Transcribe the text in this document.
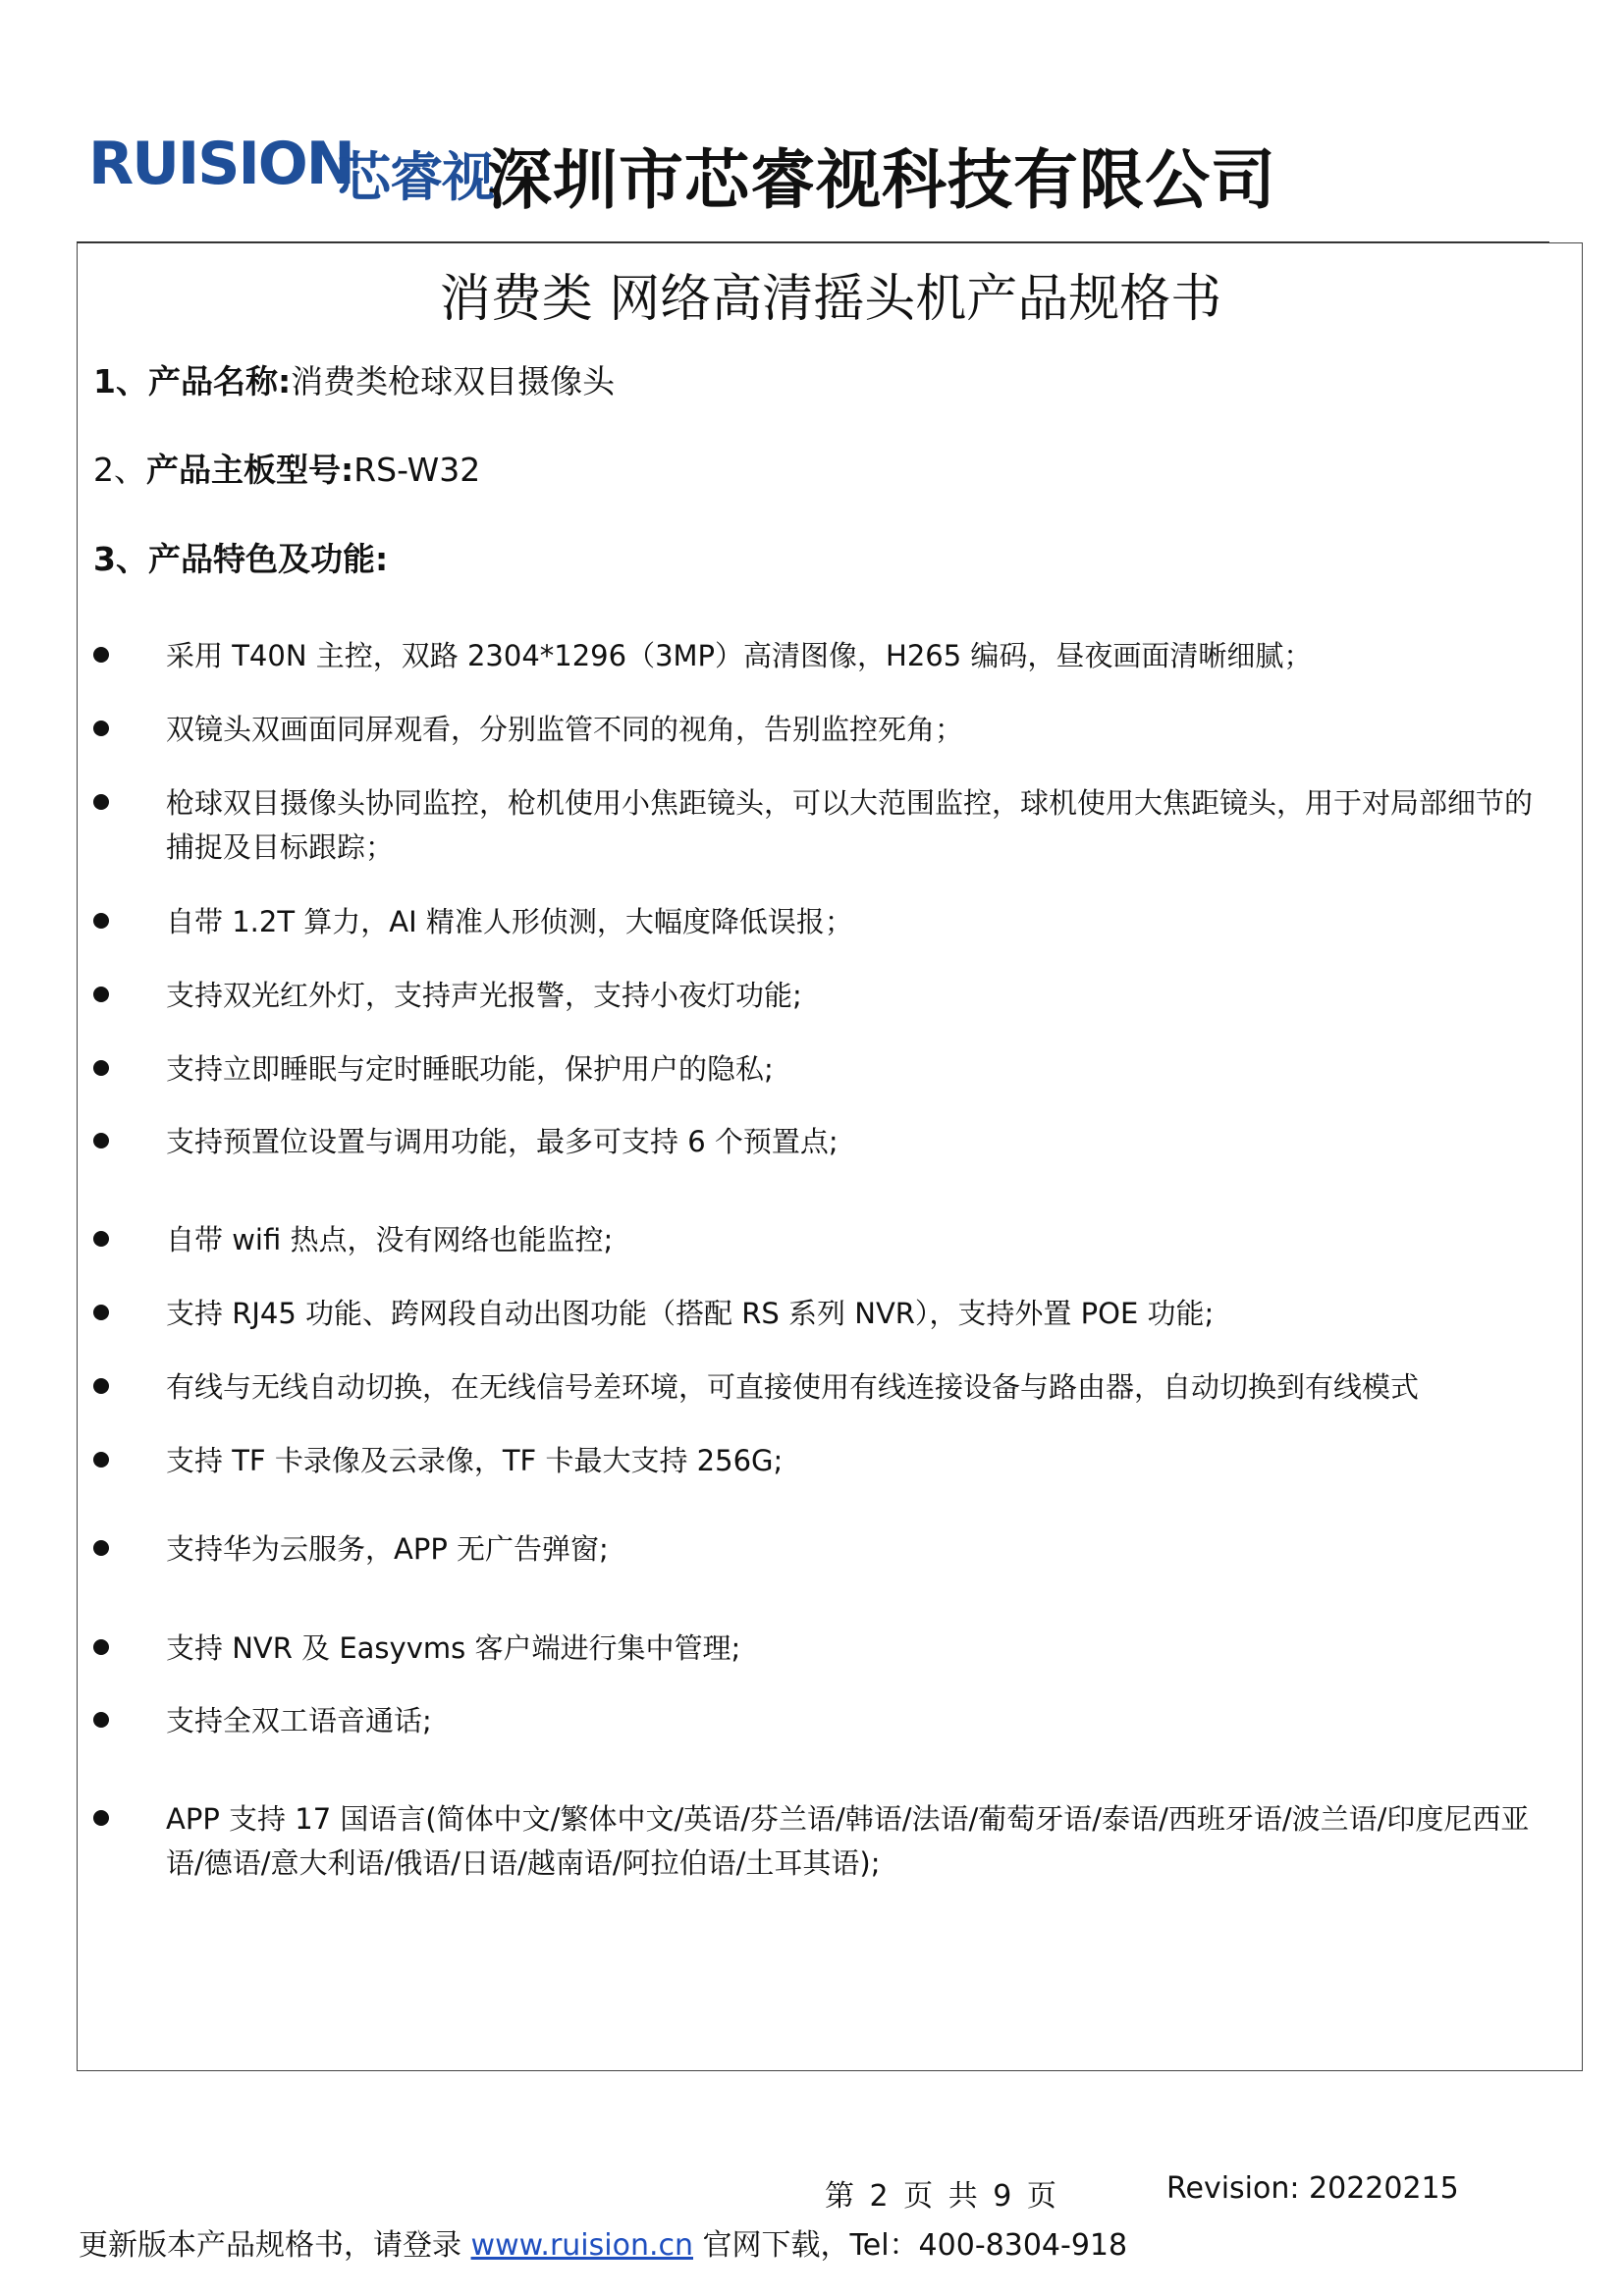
RUISION
芯睿视
深圳市芯睿视科技有限公司
消费类 网络高清摇头机产品规格书
1、产品名称:消费类枪球双目摄像头
2、产品主板型号:RS-W32
3、产品特色及功能:
采用 T40N 主控，双路 2304*1296（3MP）高清图像，H265 编码，昼夜画面清晰细腻；
双镜头双画面同屏观看，分别监管不同的视角，告别监控死角；
枪球双目摄像头协同监控，枪机使用小焦距镜头，可以大范围监控，球机使用大焦距镜头，用于对局部细节的捕捉及目标跟踪；
自带 1.2T 算力，AI 精准人形侦测，大幅度降低误报；
支持双光红外灯，支持声光报警，支持小夜灯功能;
支持立即睡眠与定时睡眠功能，保护用户的隐私;
支持预置位设置与调用功能，最多可支持 6 个预置点;
自带 wifi 热点，没有网络也能监控;
支持 RJ45 功能、跨网段自动出图功能（搭配 RS 系列 NVR），支持外置 POE 功能;
有线与无线自动切换，在无线信号差环境，可直接使用有线连接设备与路由器，自动切换到有线模式
支持 TF 卡录像及云录像，TF 卡最大支持 256G;
支持华为云服务，APP 无广告弹窗;
支持 NVR 及 Easyvms 客户端进行集中管理;
支持全双工语音通话;
APP 支持 17 国语言(简体中文/繁体中文/英语/芬兰语/韩语/法语/葡萄牙语/泰语/西班牙语/波兰语/印度尼西亚语/德语/意大利语/俄语/日语/越南语/阿拉伯语/土耳其语);
第 2 页 共 9 页	Revision: 20220215
更新版本产品规格书，请登录 www.ruision.cn 官网下载，Tel：400-8304-918
